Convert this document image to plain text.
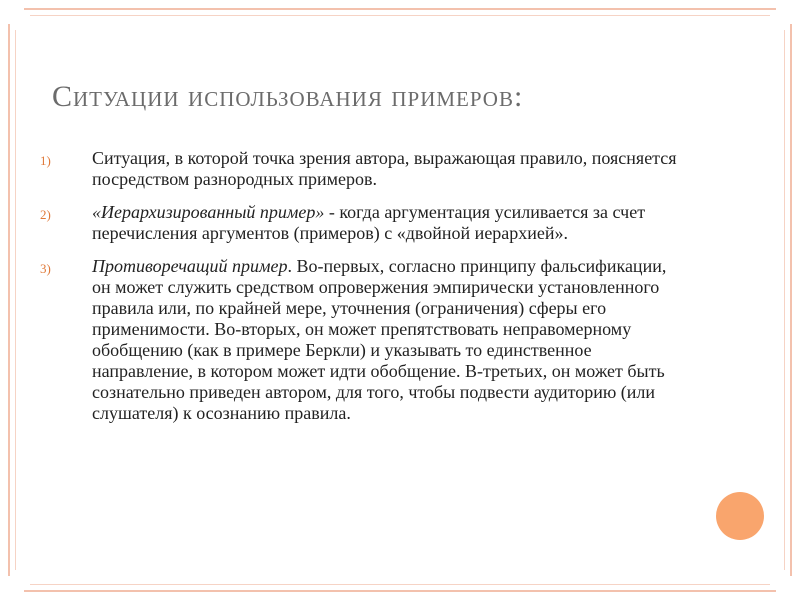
Ситуации использования примеров:
1) Ситуация, в которой точка зрения автора, выражающая правило, поясняется посредством разнородных примеров.
2) «Иерархизированный пример» - когда аргументация усиливается за счет перечисления аргументов (примеров) с «двойной иерархией».
3) Противоречащий пример. Во-первых, согласно принципу фальсификации, он может служить средством опровержения эмпирически установленного правила или, по крайней мере, уточнения (ограничения) сферы его применимости. Во-вторых, он может препятствовать неправомерному обобщению (как в примере Беркли) и указывать то единственное направление, в котором может идти обобщение. В-третьих, он может быть сознательно приведен автором, для того, чтобы подвести аудиторию (или слушателя) к осознанию правила.
